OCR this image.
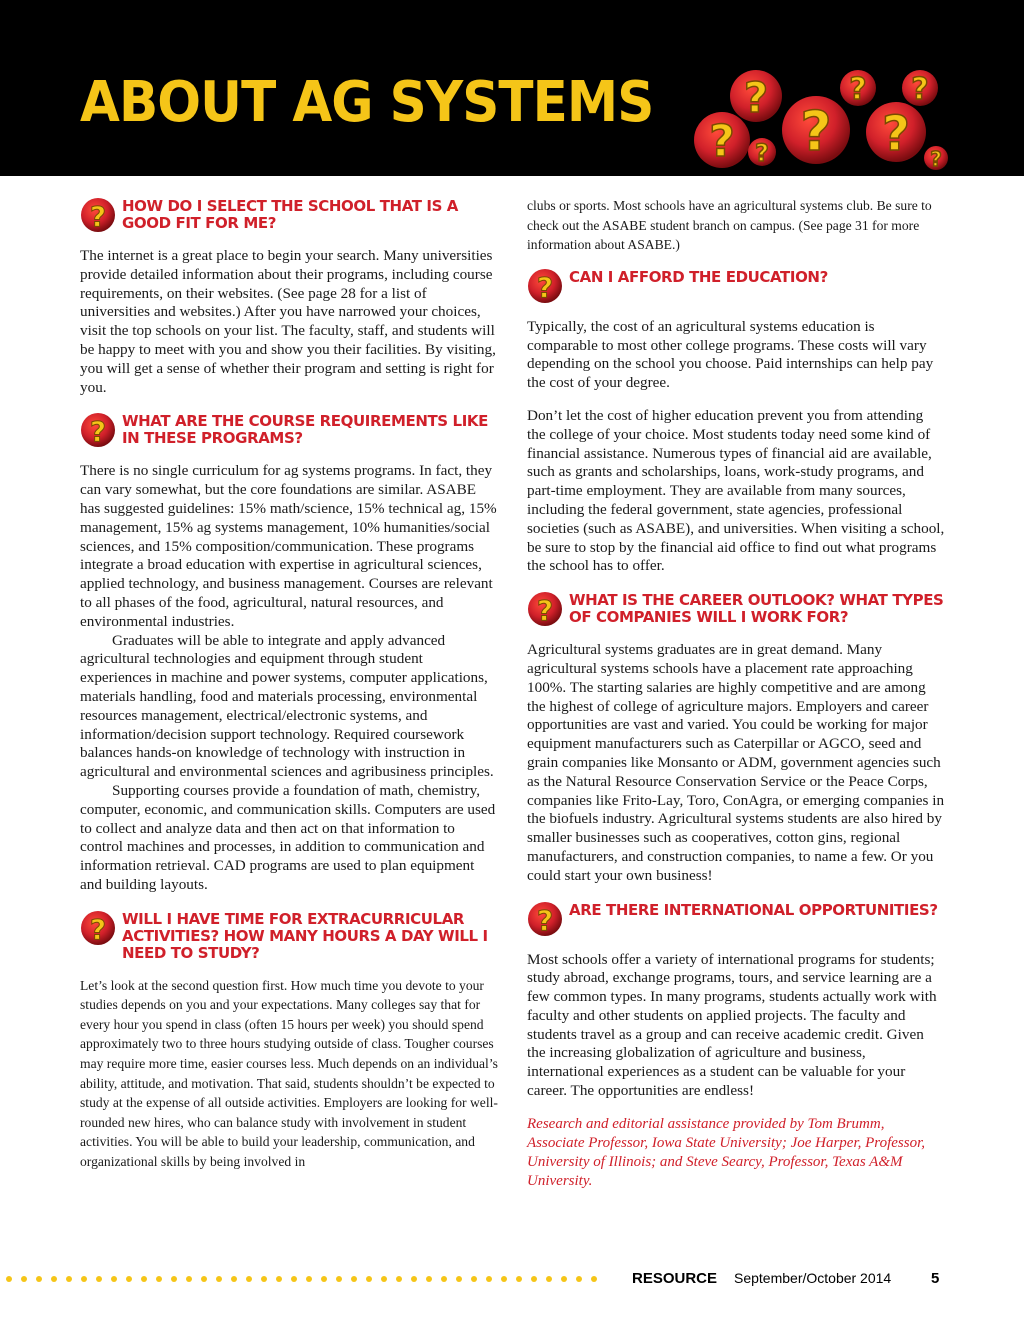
ABOUT AG SYSTEMS
?
?
? ?
?
?
?
?
? HOW DO I SELECT THE SCHOOL THAT IS A GOOD FIT FOR ME?

The internet is a great place to begin your search. Many universities provide detailed information about their programs, including course requirements, on their websites. (See page 28 for a list of universities and websites.) After you have narrowed your choices, visit the top schools on your list. The faculty, staff, and students will be happy to meet with you and show you their facilities. By visiting, you will get a sense of whether their program and setting is right for you.

? WHAT ARE THE COURSE REQUIREMENTS LIKE IN THESE PROGRAMS?

There is no single curriculum for ag systems programs. In fact, they can vary somewhat, but the core foundations are similar. ASABE has suggested guidelines: 15% math/science, 15% technical ag, 15% management, 15% ag systems management, 10% humanities/social sciences, and 15% composition/communication. These programs integrate a broad education with expertise in agricultural sciences, applied technology, and business management. Courses are relevant to all phases of the food, agricultural, natural resources, and environmental industries.

Graduates will be able to integrate and apply advanced agricultural technologies and equipment through student experiences in machine and power systems, computer applications, materials handling, food and materials processing, environmental resources management, electrical/electronic systems, and information/decision support technology. Required coursework balances hands-on knowledge of technology with instruction in agricultural and environmental sciences and agribusiness principles.

Supporting courses provide a foundation of math, chemistry, computer, economic, and communication skills. Computers are used to collect and analyze data and then act on that information to control machines and processes, in addition to communication and information retrieval. CAD programs are used to plan equipment and building layouts.

? WILL I HAVE TIME FOR EXTRACURRICULAR ACTIVITIES? HOW MANY HOURS A DAY WILL I NEED TO STUDY?

Let’s look at the second question first. How much time you devote to your studies depends on you and your expectations. Many colleges say that for every hour you spend in class (often 15 hours per week) you should spend approximately two to three hours studying outside of class. Tougher courses may require more time, easier courses less. Much depends on an individual’s ability, attitude, and motivation. That said, students shouldn’t be expected to study at the expense of all outside activities. Employers are looking for well-rounded new hires, who can balance study with involvement in student activities. You will be able to build your leadership, communication, and organizational skills by being involved in

clubs or sports. Most schools have an agricultural systems club. Be sure to check out the ASABE student branch on campus. (See page 31 for more information about ASABE.)

? CAN I AFFORD THE EDUCATION?

Typically, the cost of an agricultural systems education is comparable to most other college programs. These costs will vary depending on the school you choose. Paid internships can help pay the cost of your degree.

Don’t let the cost of higher education prevent you from attending the college of your choice. Most students today need some kind of financial assistance. Numerous types of financial aid are available, such as grants and scholarships, loans, work-study programs, and part-time employment. They are available from many sources, including the federal government, state agencies, professional societies (such as ASABE), and universities. When visiting a school, be sure to stop by the financial aid office to find out what programs the school has to offer.

? WHAT IS THE CAREER OUTLOOK? WHAT TYPES OF COMPANIES WILL I WORK FOR?

Agricultural systems graduates are in great demand. Many agricultural systems schools have a placement rate approaching 100%. The starting salaries are highly competitive and are among the highest of college of agriculture majors. Employers and career opportunities are vast and varied. You could be working for major equipment manufacturers such as Caterpillar or AGCO, seed and grain companies like Monsanto or ADM, government agencies such as the Natural Resource Conservation Service or the Peace Corps, companies like Frito-Lay, Toro, ConAgra, or emerging companies in the biofuels industry. Agricultural systems students are also hired by smaller businesses such as cooperatives, cotton gins, regional manufacturers, and construction companies, to name a few. Or you could start your own business!

? ARE THERE INTERNATIONAL OPPORTUNITIES?

Most schools offer a variety of international programs for students; study abroad, exchange programs, tours, and service learning are a few common types. In many programs, students actually work with faculty and other students on applied projects. The faculty and students travel as a group and can receive academic credit. Given the increasing globalization of agriculture and business, international experiences as a student can be valuable for your career. The opportunities are endless!

Research and editorial assistance provided by Tom Brumm, Associate Professor, Iowa State University; Joe Harper, Professor, University of Illinois; and Steve Searcy, Professor, Texas A&M University.
RESOURCE September/October 2014	5
